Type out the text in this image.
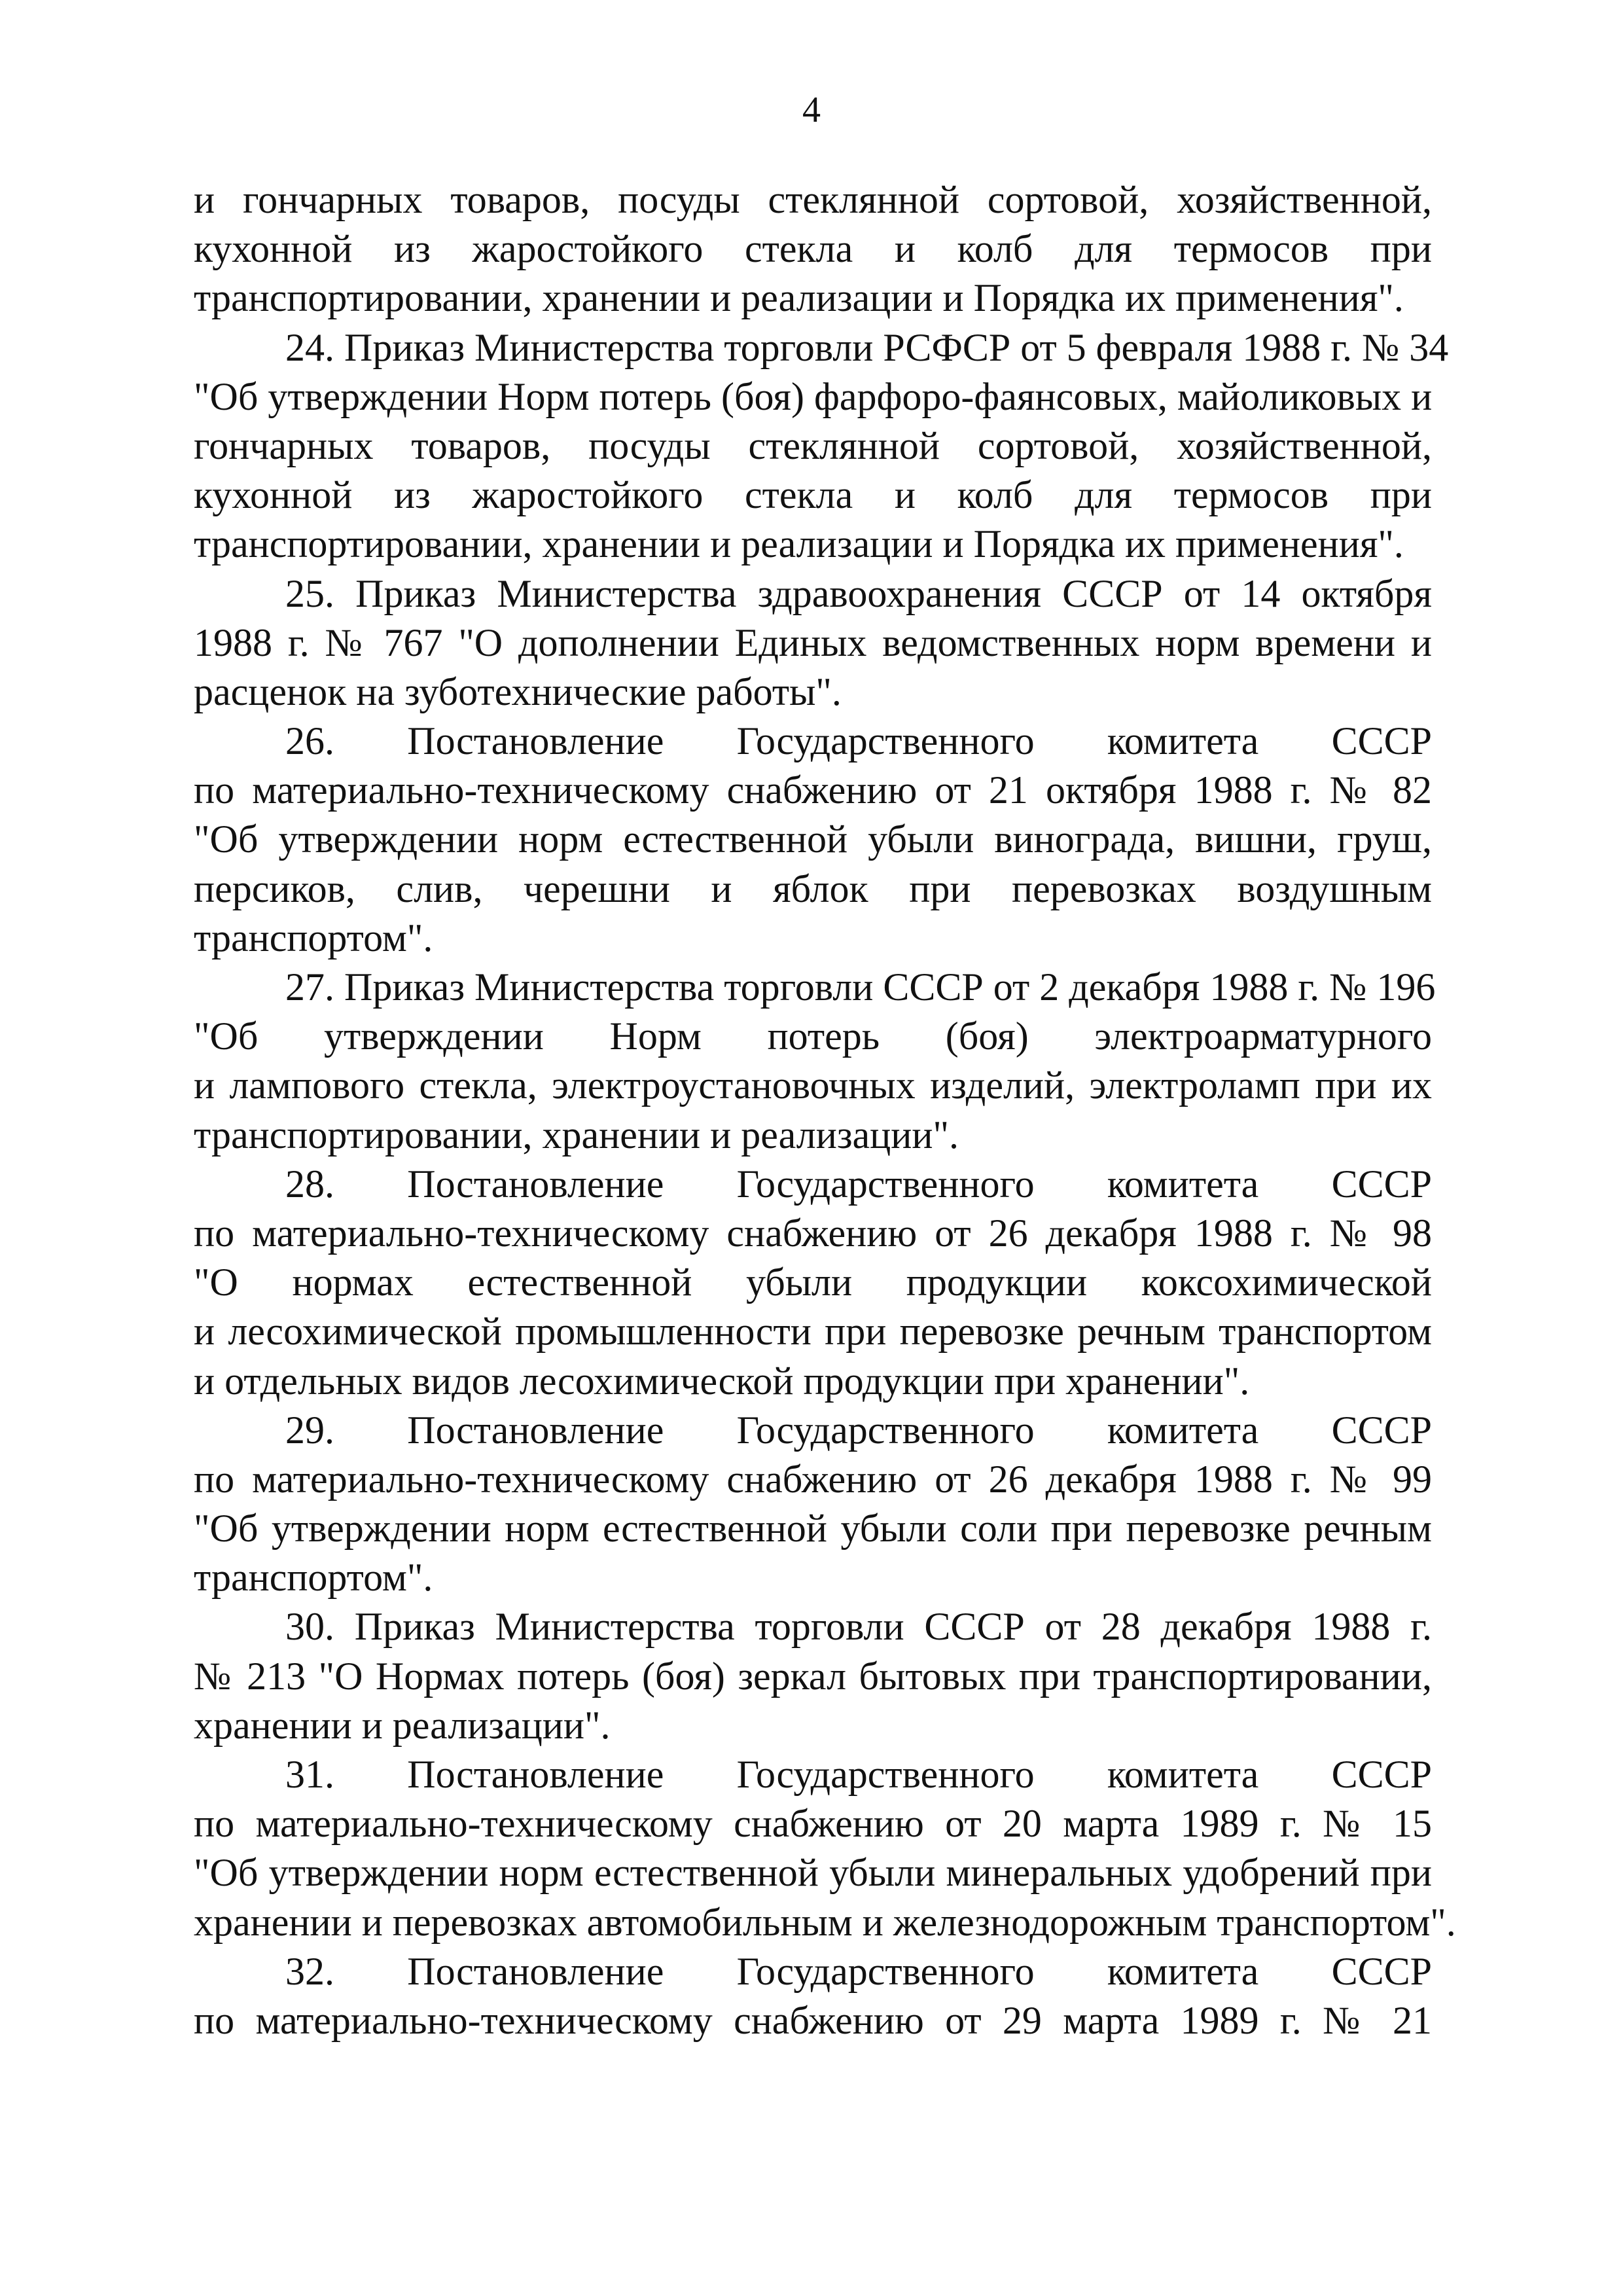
4
и гончарных товаров, посуды стеклянной сортовой, хозяйственной,
кухонной из жаростойкого стекла и колб для термосов при
транспортировании, хранении и реализации и Порядка их применения".
24. Приказ Министерства торговли РСФСР от 5 февраля 1988 г. № 34
"Об утверждении Норм потерь (боя) фарфоро-фаянсовых, майоликовых и
гончарных товаров, посуды стеклянной сортовой, хозяйственной,
кухонной из жаростойкого стекла и колб для термосов при
транспортировании, хранении и реализации и Порядка их применения".
25. Приказ Министерства здравоохранения СССР от 14 октября
1988 г. № 767 "О дополнении Единых ведомственных норм времени и
расценок на зуботехнические работы".
26. Постановление Государственного комитета СССР
по материально-техническому снабжению от 21 октября 1988 г. № 82
"Об утверждении норм естественной убыли винограда, вишни, груш,
персиков, слив, черешни и яблок при перевозках воздушным
транспортом".
27. Приказ Министерства торговли СССР от 2 декабря 1988 г. № 196
"Об утверждении Норм потерь (боя) электроарматурного
и лампового стекла, электроустановочных изделий, электроламп при их
транспортировании, хранении и реализации".
28. Постановление Государственного комитета СССР
по материально-техническому снабжению от 26 декабря 1988 г. № 98
"О нормах естественной убыли продукции коксохимической
и лесохимической промышленности при перевозке речным транспортом
и отдельных видов лесохимической продукции при хранении".
29. Постановление Государственного комитета СССР
по материально-техническому снабжению от 26 декабря 1988 г. № 99
"Об утверждении норм естественной убыли соли при перевозке речным
транспортом".
30. Приказ Министерства торговли СССР от 28 декабря 1988 г.
№ 213 "О Нормах потерь (боя) зеркал бытовых при транспортировании,
хранении и реализации".
31. Постановление Государственного комитета СССР
по материально-техническому снабжению от 20 марта 1989 г. № 15
"Об утверждении норм естественной убыли минеральных удобрений при
хранении и перевозках автомобильным и железнодорожным транспортом".
32. Постановление Государственного комитета СССР
по материально-техническому снабжению от 29 марта 1989 г. № 21
